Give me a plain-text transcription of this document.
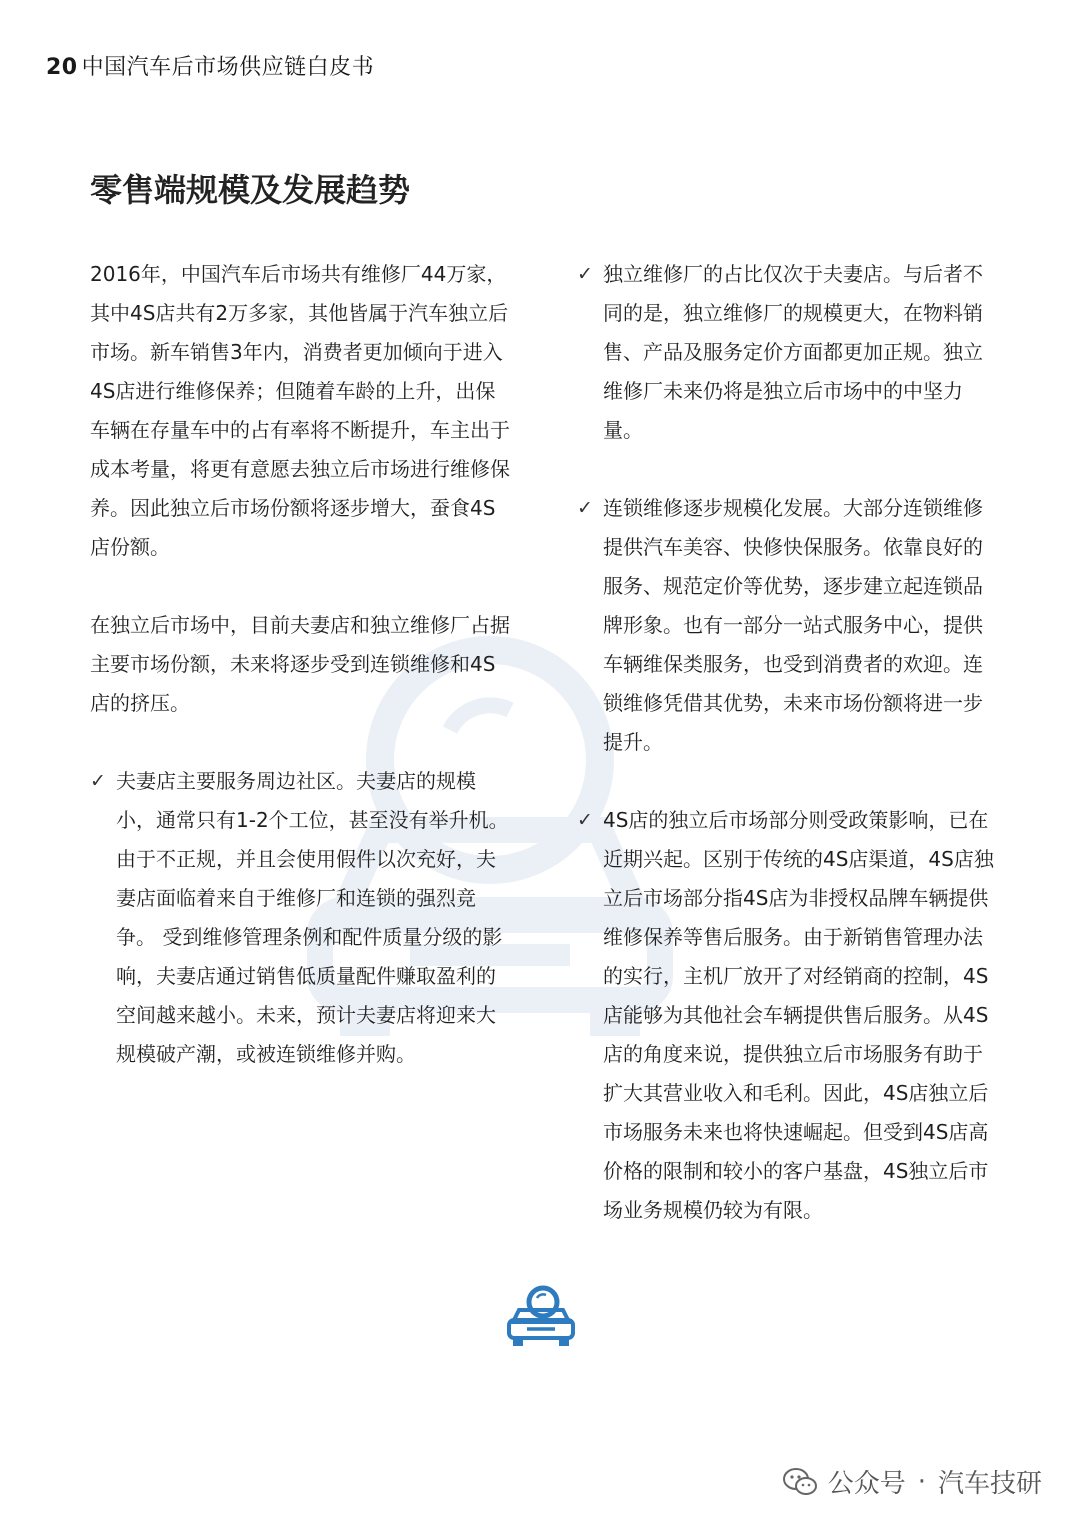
20 中国汽车后市场供应链白皮书
零售端规模及发展趋势

2016年，中国汽车后市场共有维修厂44万家，其中4S店共有2万多家，其他皆属于汽车独立后市场。新车销售3年内，消费者更加倾向于进入4S店进行维修保养；但随着车龄的上升，出保车辆在存量车中的占有率将不断提升，车主出于成本考量，将更有意愿去独立后市场进行维修保养。因此独立后市场份额将逐步增大，蚕食4S店份额。

在独立后市场中，目前夫妻店和独立维修厂占据主要市场份额，未来将逐步受到连锁维修和4S店的挤压。

✓ 夫妻店主要服务周边社区。夫妻店的规模小，通常只有1-2个工位，甚至没有举升机。由于不正规，并且会使用假件以次充好，夫妻店面临着来自于维修厂和连锁的强烈竞争。 受到维修管理条例和配件质量分级的影响，夫妻店通过销售低质量配件赚取盈利的空间越来越小。未来，预计夫妻店将迎来大规模破产潮，或被连锁维修并购。
✓ 独立维修厂的占比仅次于夫妻店。与后者不同的是，独立维修厂的规模更大，在物料销售、产品及服务定价方面都更加正规。独立维修厂未来仍将是独立后市场中的中坚力量。
✓ 连锁维修逐步规模化发展。大部分连锁维修提供汽车美容、快修快保服务。依靠良好的服务、规范定价等优势，逐步建立起连锁品牌形象。也有一部分一站式服务中心，提供车辆维保类服务，也受到消费者的欢迎。连锁维修凭借其优势，未来市场份额将进一步提升。
✓ 4S店的独立后市场部分则受政策影响，已在近期兴起。区别于传统的4S店渠道，4S店独立后市场部分指4S店为非授权品牌车辆提供维修保养等售后服务。由于新销售管理办法的实行，主机厂放开了对经销商的控制，4S店能够为其他社会车辆提供售后服务。从4S店的角度来说，提供独立后市场服务有助于扩大其营业收入和毛利。因此，4S店独立后市场服务未来也将快速崛起。但受到4S店高价格的限制和较小的客户基盘，4S独立后市场业务规模仍较为有限。
公众号 · 汽车技研
